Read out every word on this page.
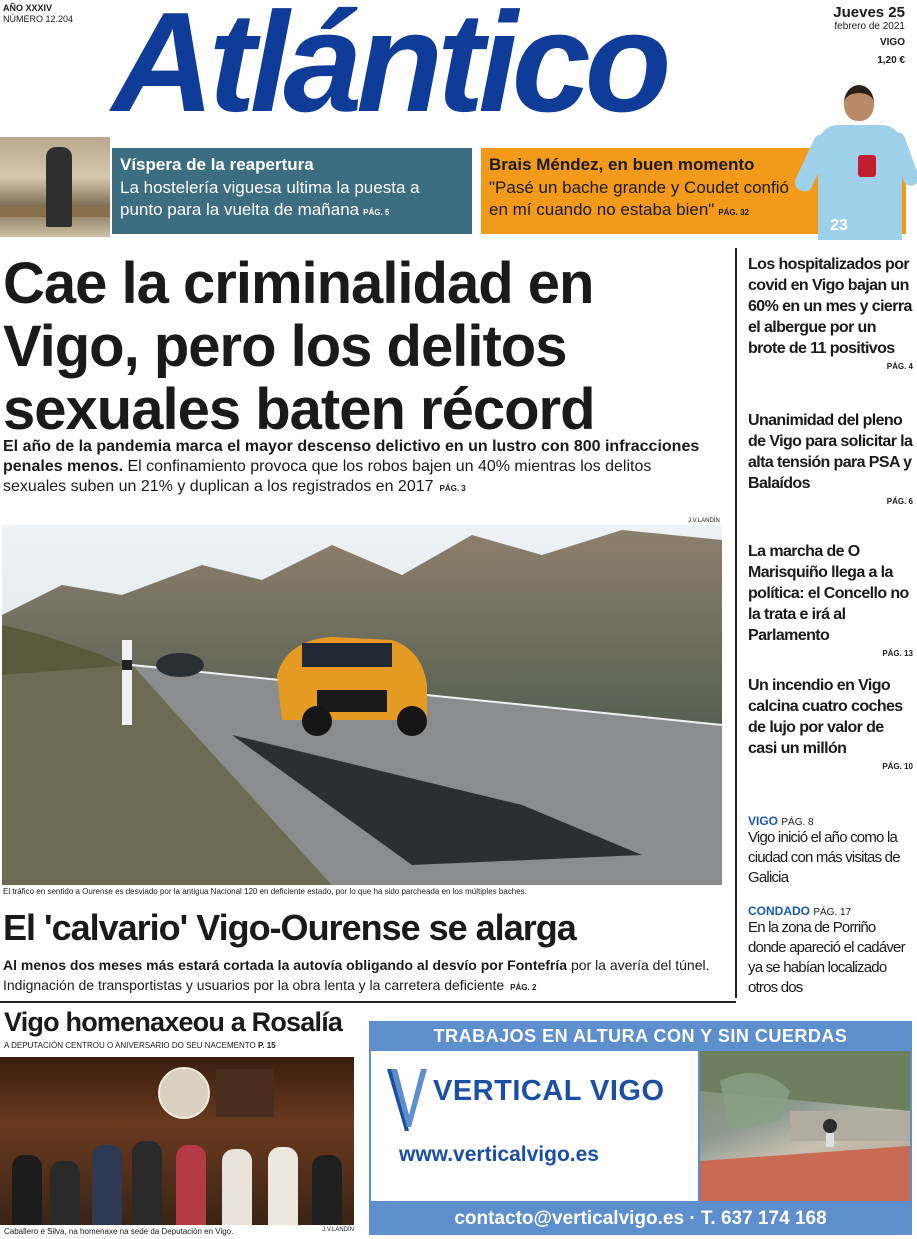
AÑO XXXIV
NÚMERO 12.204 Atlántico	Jueves 25
febrero de 2021
VIGO
1,20 €
Víspera de la reapertura
La hostelería viguesa ultima la puesta a punto para la vuelta de mañana PÁG. 5
Brais Méndez, en buen momento
"Pasé un bache grande y Coudet confió en mí cuando no estaba bien" PÁG. 32
23
Cae la criminalidad en Vigo, pero los delitos sexuales baten récord

El año de la pandemia marca el mayor descenso delictivo en un lustro con 800 infracciones penales menos. El confinamiento provoca que los robos bajen un 40% mientras los delitos sexuales suben un 21% y duplican a los registrados en 2017 PÁG. 3

Los hospitalizados por covid en Vigo bajan un 60% en un mes y cierra el albergue por un brote de 11 positivos
PÁG. 4
Unanimidad del pleno de Vigo para solicitar la alta tensión para PSA y Balaídos
PÁG. 6
La marcha de O Marisquiño llega a la política: el Concello no la trata e irá al Parlamento
PÁG. 13
Un incendio en Vigo calcina cuatro coches de lujo por valor de casi un millón
PÁG. 10
VIGO PÁG. 8
Vigo inició el año como la ciudad con más visitas de Galicia
CONDADO PÁG. 17
En la zona de Porriño donde apareció el cadáver ya se habían localizado otros dos
J.V.LANDÍN
El tráfico en sentido a Ourense es desviado por la antigua Nacional 120 en deficiente estado, por lo que ha sido parcheada en los múltiples baches.
El 'calvario' Vigo-Ourense se alarga

Al menos dos meses más estará cortada la autovía obligando al desvío por Fontefría por la avería del túnel. Indignación de transportistas y usuarios por la obra lenta y la carretera deficiente PÁG. 2

Vigo homenaxeou a Rosalía
A DEPUTACIÓN CENTROU O ANIVERSARIO DO SEU NACEMENTO P. 15
Caballero e Silva, na homenaxe na sede da Deputación en Vigo.	J.V.LANDÍN
TRABAJOS EN ALTURA CON Y SIN CUERDAS
VERTICAL VIGO
www.verticalvigo.es
contacto@verticalvigo.es · T. 637 174 168
